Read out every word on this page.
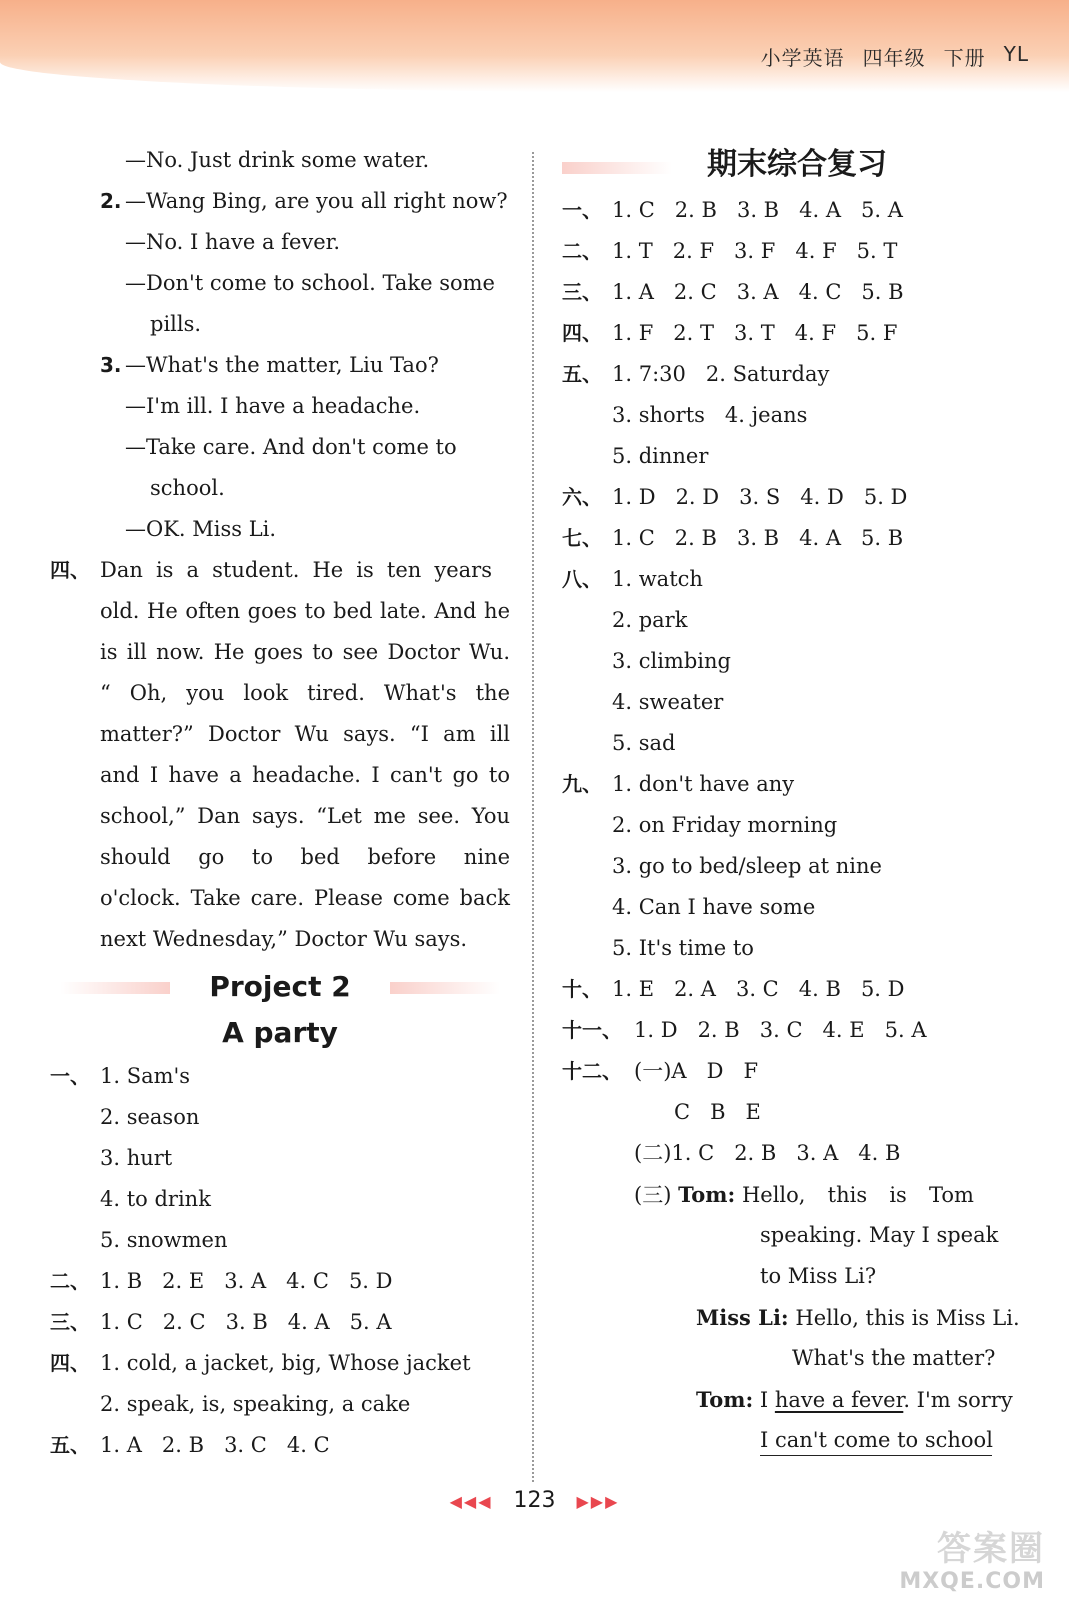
小学英语 四年级 下册 YL
—No. Just drink some water.
2. —Wang Bing, are you all right now?
—No. I have a fever.
—Don't come to school. Take some
pills.
3. —What's the matter, Liu Tao?
—I'm ill. I have a headache.
—Take care. And don't come to
school.
—OK. Miss Li.
四、 Dan is a student. He is ten years
old. He often goes to bed late. And he
is ill now. He goes to see Doctor Wu.
“ Oh, you look tired. What's the
matter?” Doctor Wu says. “I am ill
and I have a headache. I can't go to
school,” Dan says. “Let me see. You
should go to bed before nine
o'clock. Take care. Please come back
next Wednesday,” Doctor Wu says.
Project 2
A party
一、 1. Sam's
2. season
3. hurt
4. to drink
5. snowmen
二、 1. B   2. E   3. A   4. C   5. D
三、 1. C   2. C   3. B   4. A   5. A
四、 1. cold, a jacket, big, Whose jacket
2. speak, is, speaking, a cake
五、 1. A   2. B   3. C   4. C
期末综合复习
一、 1. C   2. B   3. B   4. A   5. A
二、 1. T   2. F   3. F   4. F   5. T
三、 1. A   2. C   3. A   4. C   5. B
四、 1. F   2. T   3. T   4. F   5. F
五、 1. 7:30   2. Saturday
3. shorts   4. jeans
5. dinner
六、 1. D   2. D   3. S   4. D   5. D
七、 1. C   2. B   3. B   4. A   5. B
八、 1. watch
2. park
3. climbing
4. sweater
5. sad
九、 1. don't have any
2. on Friday morning
3. go to bed/sleep at nine
4. Can I have some
5. It's time to
十、 1. E   2. A   3. C   4. B   5. D
十一、 1. D   2. B   3. C   4. E   5. A
十二、 (一)A   D   F
C   B   E
(二)1. C   2. B   3. A   4. B
(三) Tom: Hello, this is Tom
speaking. May I speak
to Miss Li?
Miss Li: Hello, this is Miss Li.
What's the matter?
Tom: I have a fever. I'm sorry
I can't come to school
◀◀◀ 123 ▶▶▶
答案圈
MXQE.COM
